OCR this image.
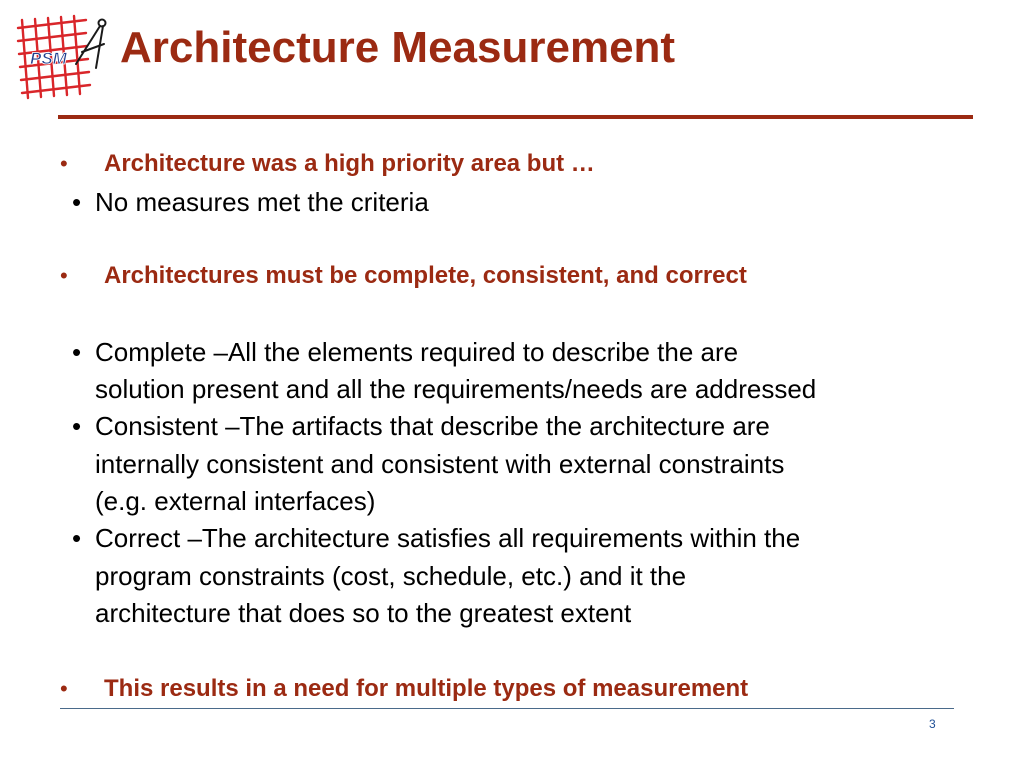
PSM Architecture Measurement
• Architecture was a high priority area but …
• No measures met the criteria
• Architectures must be complete, consistent, and correct
• Complete –All the elements required to describe the are
solution present and all the requirements/needs are addressed
• Consistent –The artifacts that describe the architecture are
internally consistent and consistent with external constraints
(e.g. external interfaces)
• Correct –The architecture satisfies all requirements within the
program constraints (cost, schedule, etc.) and it the
architecture that does so to the greatest extent
• This results in a need for multiple types of measurement
3
